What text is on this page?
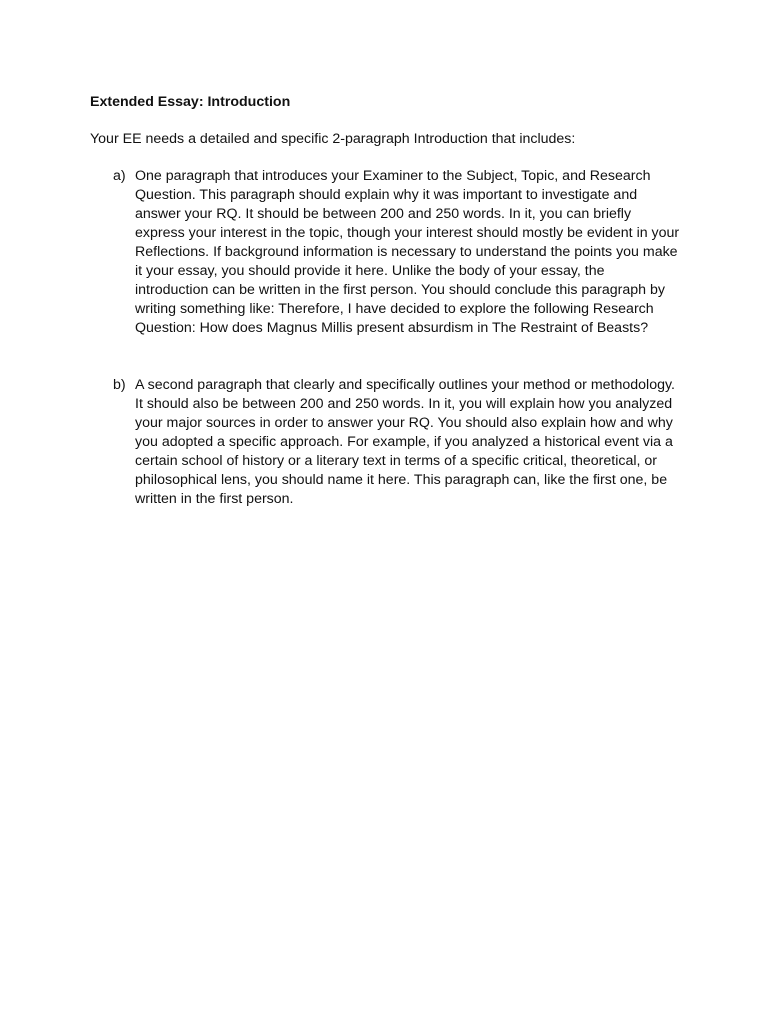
Extended Essay: Introduction

Your EE needs a detailed and specific 2-paragraph Introduction that includes:

a) One paragraph that introduces your Examiner to the Subject, Topic, and Research Question. This paragraph should explain why it was important to investigate and answer your RQ. It should be between 200 and 250 words. In it, you can briefly express your interest in the topic, though your interest should mostly be evident in your Reflections. If background information is necessary to understand the points you make it your essay, you should provide it here. Unlike the body of your essay, the introduction can be written in the first person. You should conclude this paragraph by writing something like: Therefore, I have decided to explore the following Research Question: How does Magnus Millis present absurdism in The Restraint of Beasts?
b) A second paragraph that clearly and specifically outlines your method or methodology. It should also be between 200 and 250 words. In it, you will explain how you analyzed your major sources in order to answer your RQ. You should also explain how and why you adopted a specific approach. For example, if you analyzed a historical event via a certain school of history or a literary text in terms of a specific critical, theoretical, or philosophical lens, you should name it here. This paragraph can, like the first one, be written in the first person.
